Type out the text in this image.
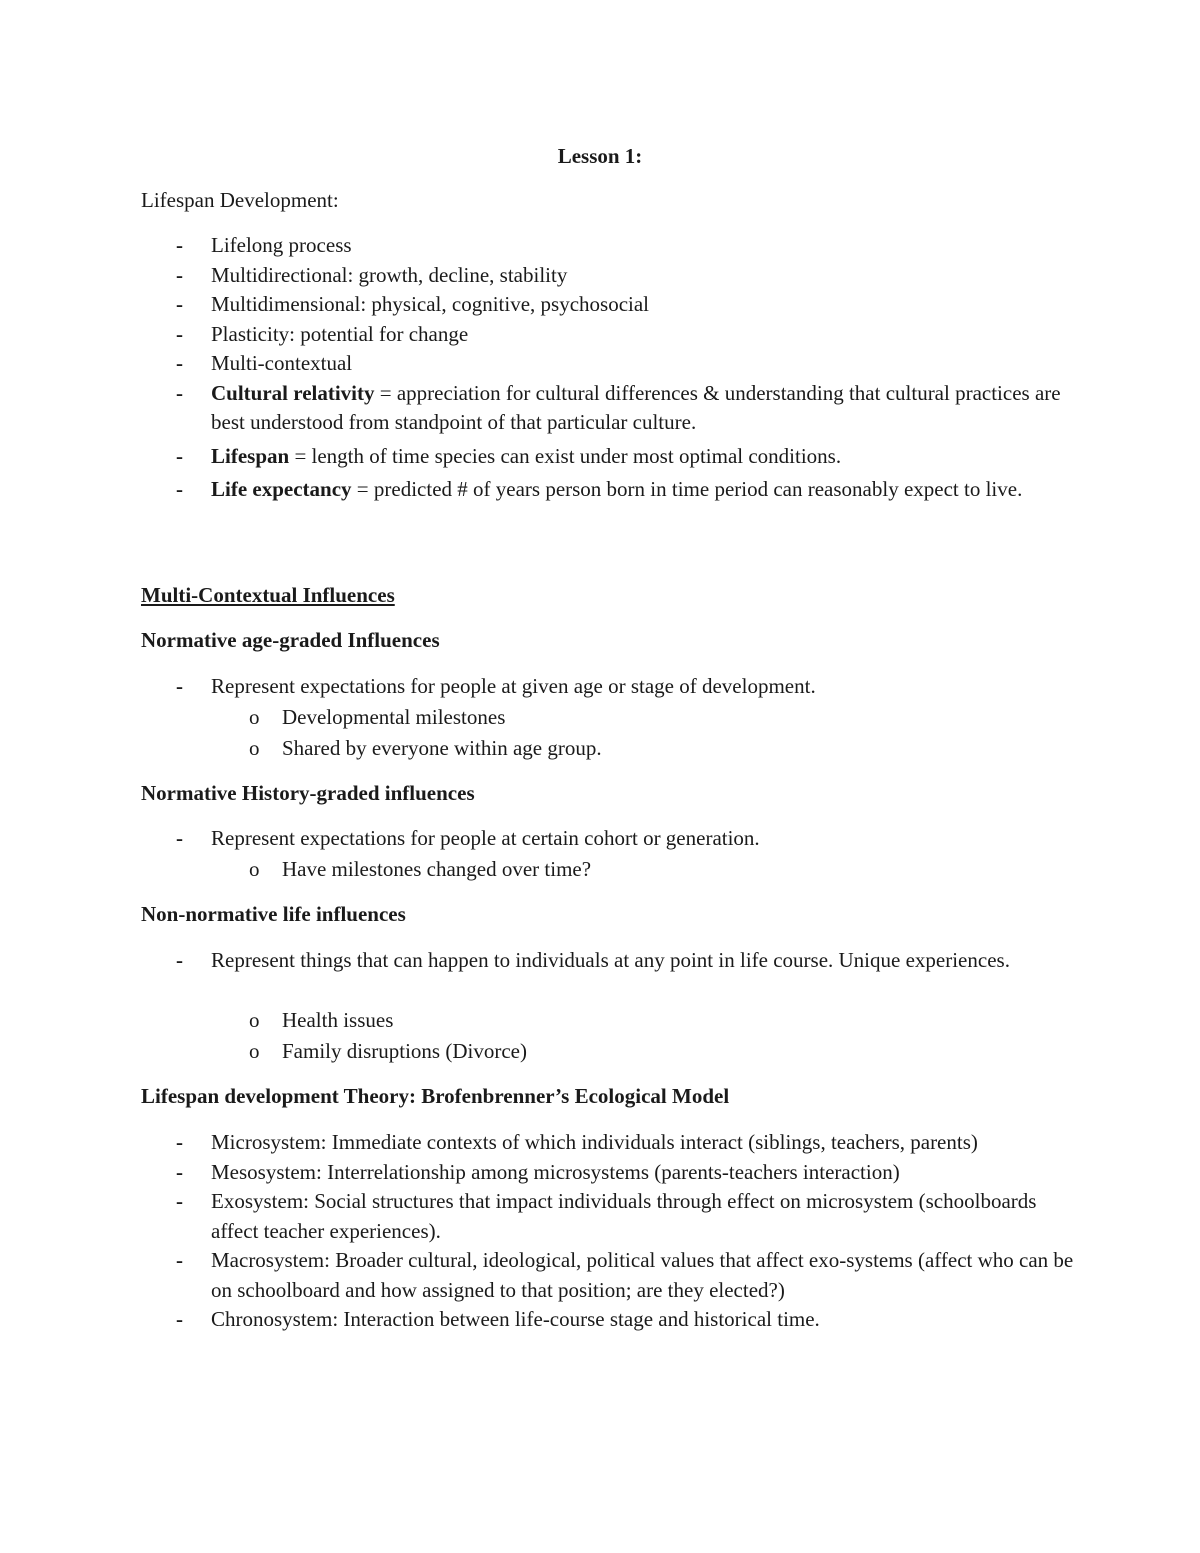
Lesson 1:
Lifespan Development:
- Lifelong process
- Multidirectional: growth, decline, stability
- Multidimensional: physical, cognitive, psychosocial
- Plasticity: potential for change
- Multi-contextual
- Cultural relativity = appreciation for cultural differences & understanding that cultural practices are best understood from standpoint of that particular culture.
- Lifespan = length of time species can exist under most optimal conditions.
- Life expectancy = predicted # of years person born in time period can reasonably expect to live.
Multi-Contextual Influences
Normative age-graded Influences
- Represent expectations for people at given age or stage of development.
o Developmental milestones
o Shared by everyone within age group.
Normative History-graded influences
- Represent expectations for people at certain cohort or generation.
o Have milestones changed over time?
Non-normative life influences
- Represent things that can happen to individuals at any point in life course. Unique experiences.
o Health issues
o Family disruptions (Divorce)
Lifespan development Theory: Brofenbrenner’s Ecological Model
- Microsystem: Immediate contexts of which individuals interact (siblings, teachers, parents)
- Mesosystem: Interrelationship among microsystems (parents-teachers interaction)
- Exosystem: Social structures that impact individuals through effect on microsystem (schoolboards affect teacher experiences).
- Macrosystem: Broader cultural, ideological, political values that affect exo-systems (affect who can be on schoolboard and how assigned to that position; are they elected?)
- Chronosystem: Interaction between life-course stage and historical time.
